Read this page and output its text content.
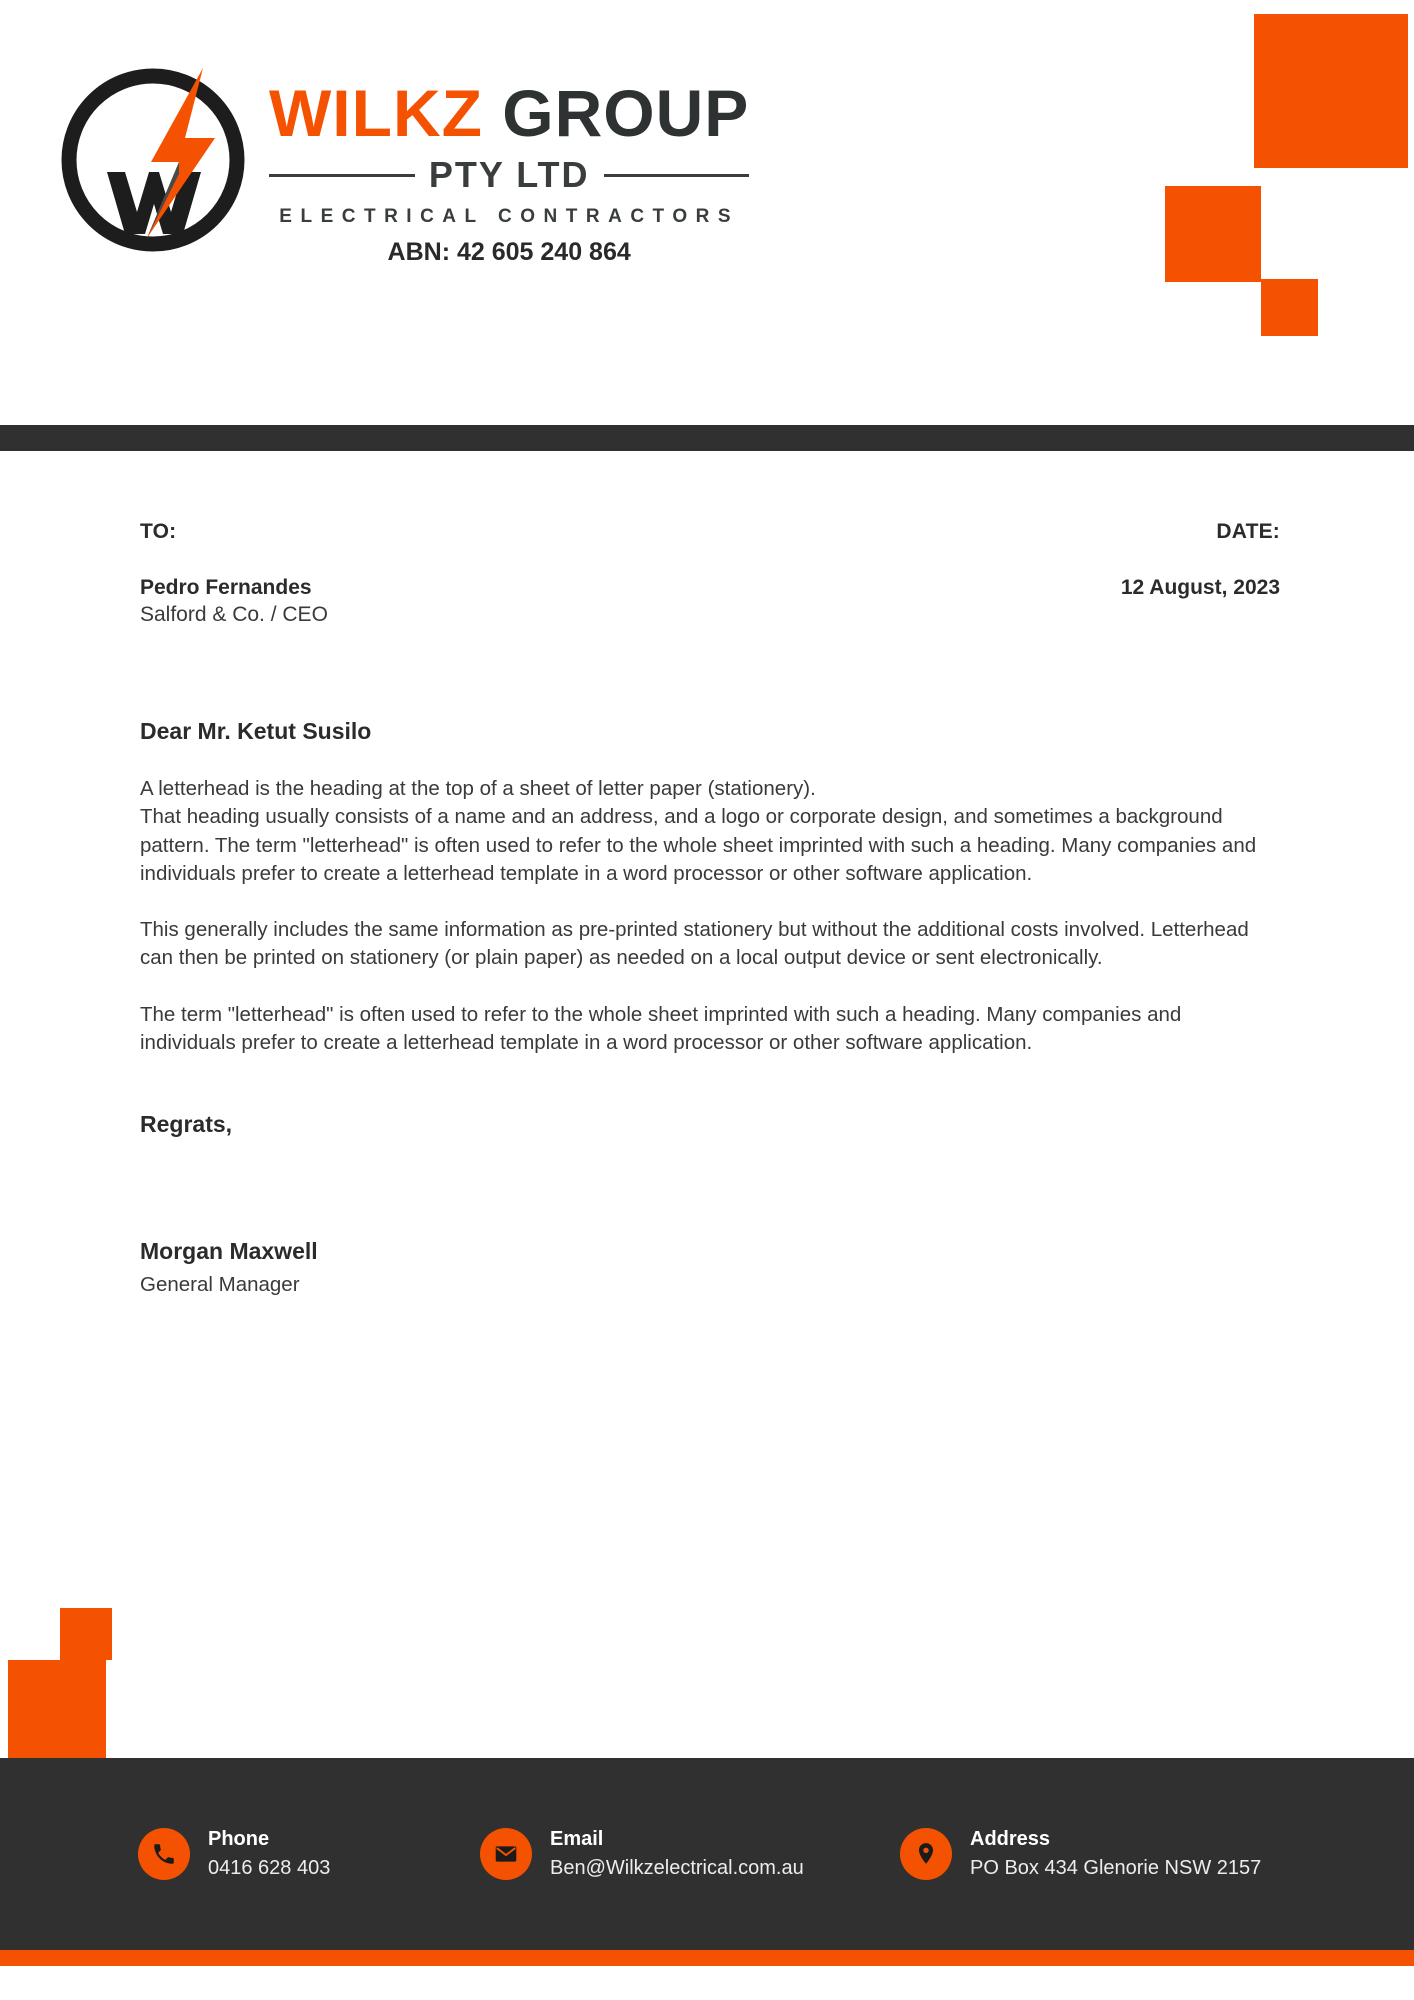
WILKZ GROUP
PTY LTD
ELECTRICAL CONTRACTORS
ABN: 42 605 240 864
TO:
Pedro Fernandes
Salford & Co. / CEO
DATE:
12 August, 2023
Dear Mr. Ketut Susilo
A letterhead is the heading at the top of a sheet of letter paper (stationery).
That heading usually consists of a name and an address, and a logo or corporate design, and sometimes a background pattern. The term "letterhead" is often used to refer to the whole sheet imprinted with such a heading. Many companies and individuals prefer to create a letterhead template in a word processor or other software application.
This generally includes the same information as pre-printed stationery but without the additional costs involved. Letterhead can then be printed on stationery (or plain paper) as needed on a local output device or sent electronically.
The term "letterhead" is often used to refer to the whole sheet imprinted with such a heading. Many companies and individuals prefer to create a letterhead template in a word processor or other software application.
Regrats,
Morgan Maxwell
General Manager
Phone
0416 628 403
Email
Ben@Wilkzelectrical.com.au
Address
PO Box 434 Glenorie NSW 2157
